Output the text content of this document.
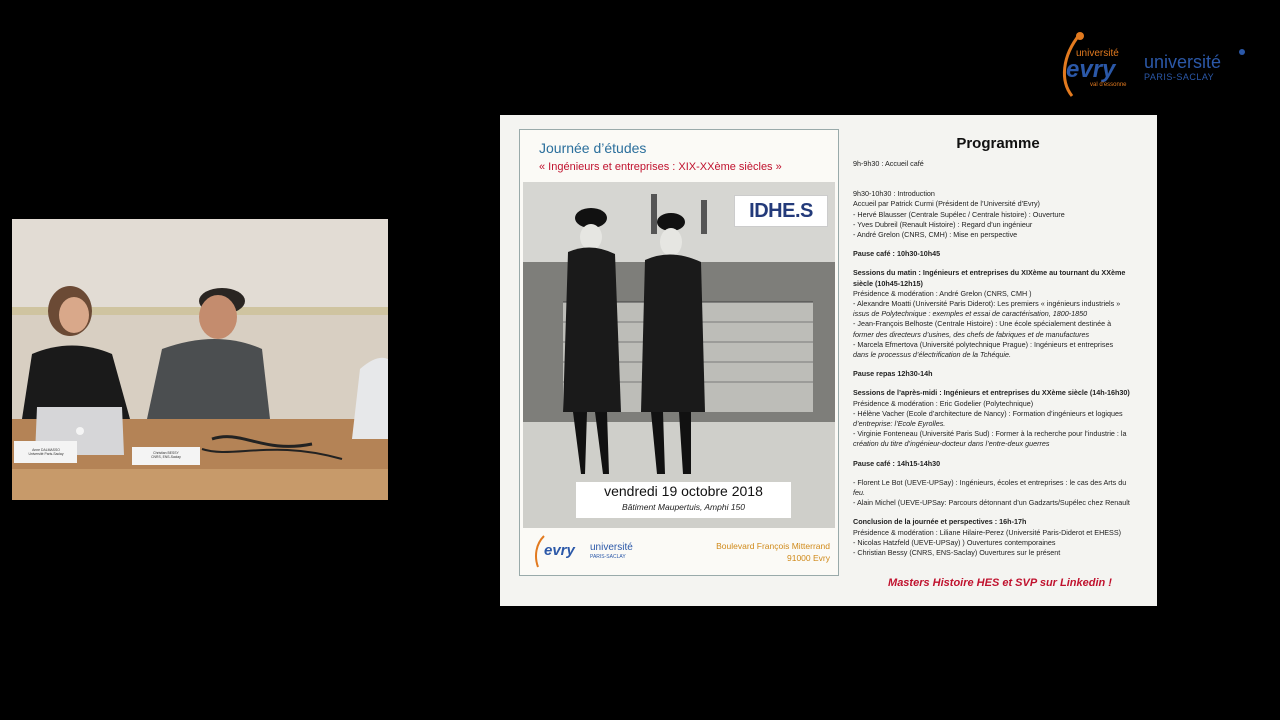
université
evry
val d'essonne
université
PARIS-SACLAY
Anne DALMASSO
Université Paris-Saclay	Christian BESSY
CNRS, ENS-Saclay
Journée d’études
« Ingénieurs et entreprises : XIX-XXème siècles »
IDHE.S
vendredi 19 octobre 2018
Bâtiment Maupertuis, Amphi 150
evry université
PARIS-SACLAY
Boulevard François Mitterrand
91000 Evry
Programme
9h-9h30 : Accueil café
9h30-10h30 : Introduction
Accueil par Patrick Curmi (Président de l’Université d’Evry)
- Hervé Blausser (Centrale Supélec / Centrale histoire) : Ouverture
- Yves Dubreil (Renault Histoire) : Regard d’un ingénieur
- André Grelon (CNRS, CMH) : Mise en perspective
Pause café : 10h30-10h45
Sessions du matin : Ingénieurs et entreprises du XIXème au tournant du XXème
siècle (10h45-12h15)
Présidence & modération : André Grelon (CNRS, CMH )
- Alexandre Moatti (Université Paris Diderot): Les premiers « ingénieurs industriels »
issus de Polytechnique : exemples et essai de caractérisation, 1800-1850
- Jean-François Belhoste (Centrale Histoire) : Une école spécialement destinée à
former des directeurs d’usines, des chefs de fabriques et de manufactures
- Marcela Efmertova (Université polytechnique Prague) : Ingénieurs et entreprises
dans le processus d’électrification de la Tchéquie.
Pause repas 12h30-14h
Sessions de l’après-midi : Ingénieurs et entreprises du XXème siècle (14h-16h30)
Présidence & modération : Eric Godelier (Polytechnique)
- Hélène Vacher (Ecole d’architecture de Nancy) : Formation d’ingénieurs et logiques
d’entreprise: l’Ecole Eyrolles.
- Virginie Fonteneau (Université Paris Sud) : Former à la recherche pour l’industrie : la
création du titre d’ingénieur-docteur dans l’entre-deux guerres
Pause café : 14h15-14h30
- Florent Le Bot (UEVE-UPSay) : Ingénieurs, écoles et entreprises : le cas des Arts du
feu.
- Alain Michel (UEVE-UPSay: Parcours détonnant d’un Gadzarts/Supélec chez Renault
Conclusion de la journée et perspectives : 16h-17h
Présidence & modération : Liliane Hilaire-Perez (Université Paris-Diderot et EHESS)
- Nicolas Hatzfeld (UEVE-UPSay) ) Ouvertures contemporaines
- Christian Bessy (CNRS, ENS-Saclay) Ouvertures sur le présent
Masters Histoire HES et SVP sur Linkedin !
